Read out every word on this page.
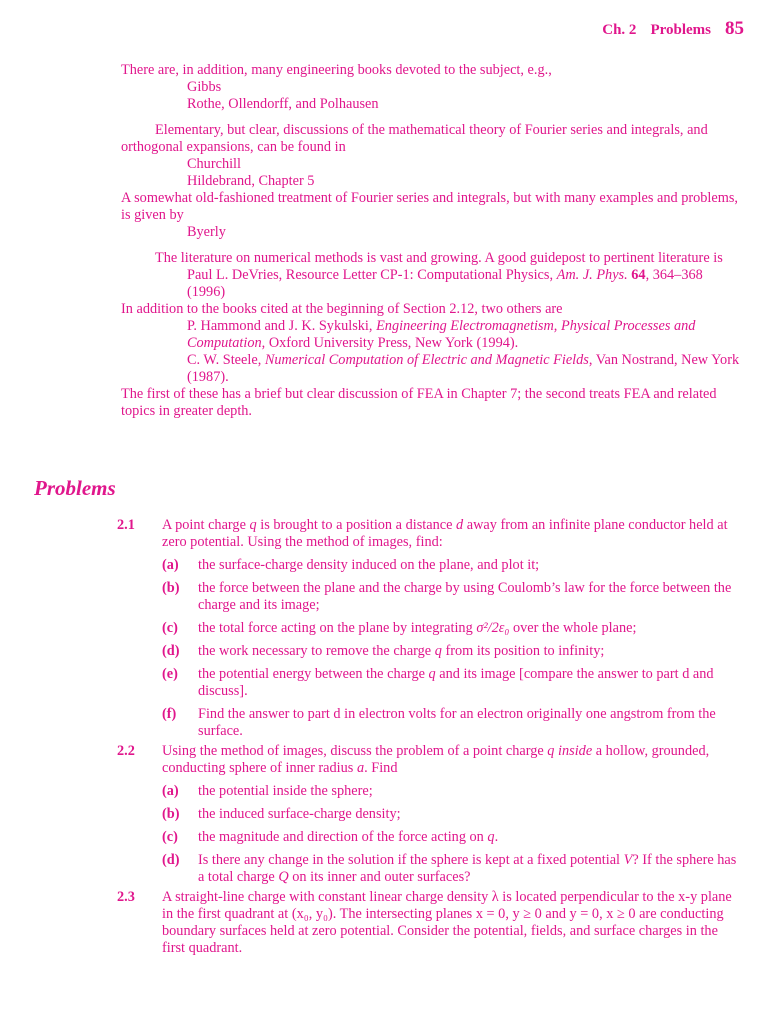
Ch. 2 Problems 85

There are, in addition, many engineering books devoted to the subject, e.g.,

Gibbs

Rothe, Ollendorff, and Polhausen

Elementary, but clear, discussions of the mathematical theory of Fourier series and integrals, and orthogonal expansions, can be found in

Churchill

Hildebrand, Chapter 5

A somewhat old-fashioned treatment of Fourier series and integrals, but with many examples and problems, is given by

Byerly

The literature on numerical methods is vast and growing. A good guidepost to pertinent literature is

Paul L. DeVries, Resource Letter CP-1: Computational Physics, Am. J. Phys. 64, 364–368 (1996)

In addition to the books cited at the beginning of Section 2.12, two others are

P. Hammond and J. K. Sykulski, Engineering Electromagnetism, Physical Processes and Computation, Oxford University Press, New York (1994).

C. W. Steele, Numerical Computation of Electric and Magnetic Fields, Van Nostrand, New York (1987).

The first of these has a brief but clear discussion of FEA in Chapter 7; the second treats FEA and related topics in greater depth.

Problems
2.1	A point charge q is brought to a position a distance d away from an infinite plane conductor held at zero potential. Using the method of images, find:
(a)	the surface-charge density induced on the plane, and plot it;
(b)	the force between the plane and the charge by using Coulomb’s law for the force between the charge and its image;
(c)	the total force acting on the plane by integrating σ²/2ε₀ over the whole plane;
(d)	the work necessary to remove the charge q from its position to infinity;
(e)	the potential energy between the charge q and its image [compare the answer to part d and discuss].
(f)	Find the answer to part d in electron volts for an electron originally one angstrom from the surface.
2.2	Using the method of images, discuss the problem of a point charge q inside a hollow, grounded, conducting sphere of inner radius a. Find
(a)	the potential inside the sphere;
(b)	the induced surface-charge density;
(c)	the magnitude and direction of the force acting on q.
(d)	Is there any change in the solution if the sphere is kept at a fixed potential V? If the sphere has a total charge Q on its inner and outer surfaces?
2.3	A straight-line charge with constant linear charge density λ is located perpendicular to the x-y plane in the first quadrant at (x₀, y₀). The intersecting planes x = 0, y ≥ 0 and y = 0, x ≥ 0 are conducting boundary surfaces held at zero potential. Consider the potential, fields, and surface charges in the first quadrant.
